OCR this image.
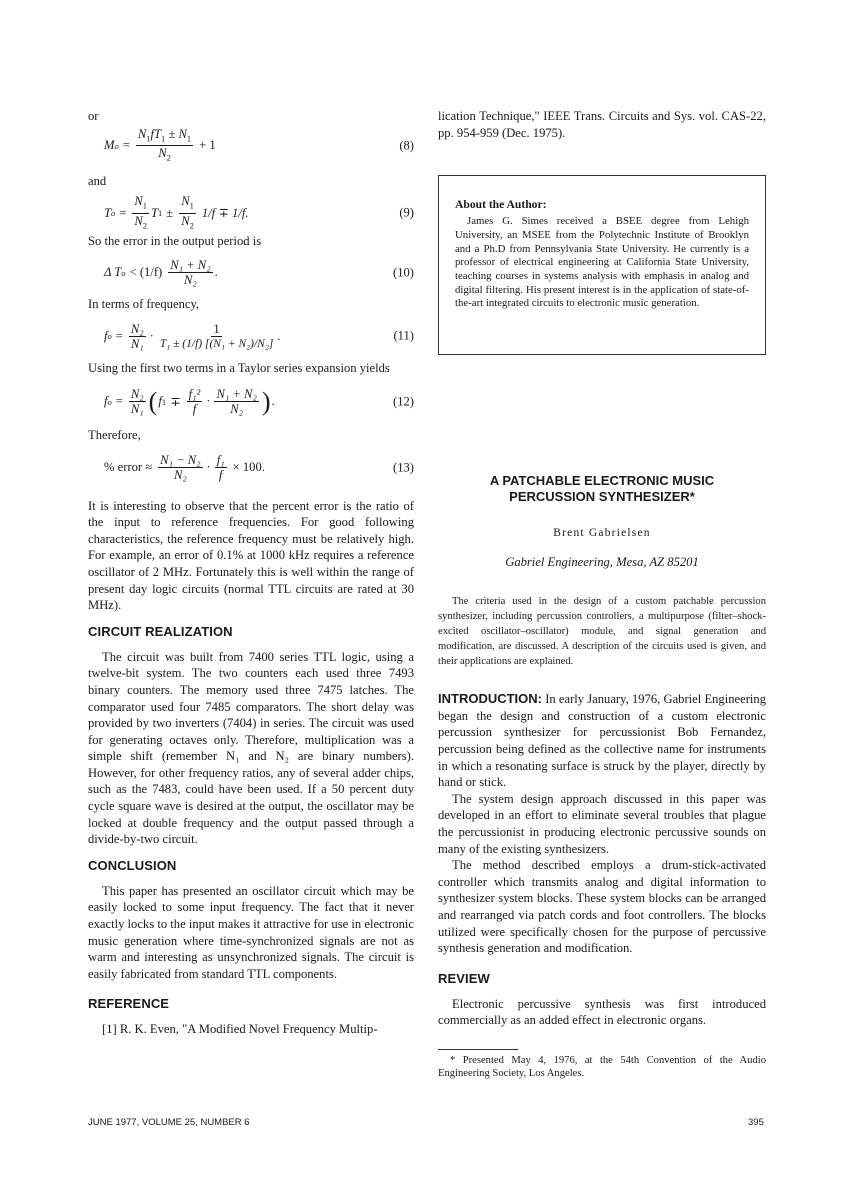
or

M $o = \frac{N_1fT_1 \pm N_1}{N_2} + 1$	(8)

and

T $o = \frac{N_1}{N_2}$ T $1 \pm \frac{N_1}{N_2} 1/f \mp 1/f$.	(9)

So the error in the output period is

Δ T $o < (1/f) \frac{\text{N₁ + N₂}}{\text{N₂}}$ .	(10)

In terms of frequency,

f $o = \frac{\text{N₂}}{\text{N₁}} \cdot \frac{1}{\text{T₁ ± (1/f) [(N₁ + N₂)/N₂]}}$ .	(11)

Using the first two terms in a Taylor series expansion yields

f $o = \frac{\text{N₂}}{\text{N₁}}$ ( f $1 \mp \frac{\text{f₁²}}{f} \cdot \frac{\text{N₁ + N₂}}{\text{N₂}}$ ) .	(12)

Therefore,

% error ≈ $\frac{\text{N₁ − N₂}}{\text{N₂}} \cdot \frac{\text{f₁}}{f} \times 100$.	(13)

It is interesting to observe that the percent error is the ratio of the input to reference frequencies. For good following characteristics, the reference frequency must be relatively high. For example, an error of 0.1% at 1000 kHz requires a reference oscillator of 2 MHz. Fortunately this is well within the range of present day logic circuits (normal TTL circuits are rated at 30 MHz).

CIRCUIT REALIZATION

The circuit was built from 7400 series TTL logic, using a twelve-bit system. The two counters each used three 7493 binary counters. The memory used three 7475 latches. The comparator used four 7485 comparators. The short delay was provided by two inverters (7404) in series. The circuit was used for generating octaves only. Therefore, multiplication was a simple shift (remember N₁ and N₂ are binary numbers). However, for other frequency ratios, any of several adder chips, such as the 7483, could have been used. If a 50 percent duty cycle square wave is desired at the output, the oscillator may be locked at double frequency and the output passed through a divide-by-two circuit.

CONCLUSION

This paper has presented an oscillator circuit which may be easily locked to some input frequency. The fact that it never exactly locks to the input makes it attractive for use in electronic music generation where time-synchronized signals are not as warm and interesting as unsynchronized signals. The circuit is easily fabricated from standard TTL components.

REFERENCE

[1] R. K. Even, "A Modified Novel Frequency Multip-

lication Technique," IEEE Trans. Circuits and Sys. vol. CAS-22, pp. 954-959 (Dec. 1975).

About the Author:

James G. Simes received a BSEE degree from Lehigh University, an MSEE from the Polytechnic Institute of Brooklyn and a Ph.D from Pennsylvania State University. He currently is a professor of electrical engineering at California State University, teaching courses in systems analysis with emphasis in analog and digital filtering. His present interest is in the application of state-of-the-art integrated circuits to electronic music generation.

A PATCHABLE ELECTRONIC MUSIC
PERCUSSION SYNTHESIZER*
Brent Gabrielsen
Gabriel Engineering, Mesa, AZ 85201

The criteria used in the design of a custom patchable percussion synthesizer, including percussion controllers, a multipurpose (filter–shock-excited oscillator–oscillator) module, and signal generation and modification, are discussed. A description of the circuits used is given, and their applications are explained.

INTRODUCTION: In early January, 1976, Gabriel Engineering began the design and construction of a custom electronic percussion synthesizer for percussionist Bob Fernandez, percussion being defined as the collective name for instruments in which a resonating surface is struck by the player, directly by hand or stick.

The system design approach discussed in this paper was developed in an effort to eliminate several troubles that plague the percussionist in producing electronic percussive sounds on many of the existing synthesizers.

The method described employs a drum-stick-activated controller which transmits analog and digital information to synthesizer system blocks. These system blocks can be arranged and rearranged via patch cords and foot controllers. The blocks utilized were specifically chosen for the purpose of percussive synthesis generation and modification.

REVIEW

Electronic percussive synthesis was first introduced commercially as an added effect in electronic organs.

* Presented May 4, 1976, at the 54th Convention of the Audio Engineering Society, Los Angeles.

JUNE 1977, VOLUME 25, NUMBER 6	395
